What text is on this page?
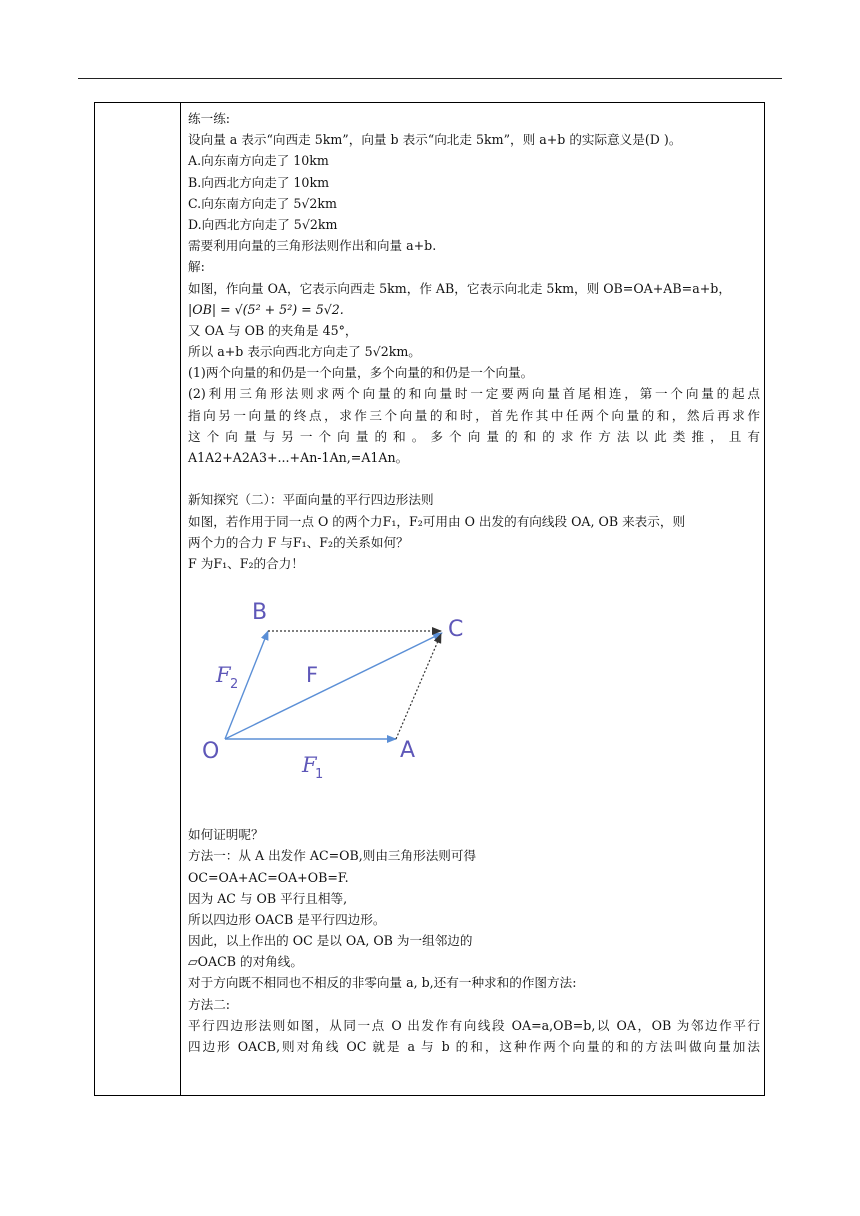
练一练:
设向量 a 表示“向西走 5km”，向量 b 表示“向北走 5km”，则 a+b 的实际意义是(D )。
A.向东南方向走了 10km
B.向西北方向走了 10km
C.向东南方向走了 5√2km
D.向西北方向走了 5√2km
需要利用向量的三角形法则作出和向量 a+b.
解:
如图，作向量 OA，它表示向西走 5km，作 AB，它表示向北走 5km，则 OB=OA+AB=a+b，
|OB| = √(5² + 5²) = 5√2.
又 OA 与 OB 的夹角是 45°，
所以 a+b 表示向西北方向走了 5√2km。
(1)两个向量的和仍是一个向量，多个向量的和仍是一个向量。
(2)利用三角形法则求两个向量的和向量时一定要两向量首尾相连，第一个向量的起点
指向另一向量的终点，求作三个向量的和时，首先作其中任两个向量的和，然后再求作
这个向量与另一个向量的和。多个向量的和的求作方法以此类推，且有
A1A2+A2A3+...+An-1An,=A1An。
新知探究（二）：平面向量的平行四边形法则
如图，若作用于同一点 O 的两个力F₁，F₂可用由 O 出发的有向线段 OA, OB 来表示，则
两个力的合力 F 与F₁、F₂的关系如何？
F 为F₁、F₂的合力！
O	A
B
C
F
F
1
F 2
如何证明呢？
方法一：从 A 出发作 AC=OB,则由三角形法则可得
OC=OA+AC=OA+OB=F.
因为 AC 与 OB 平行且相等,
所以四边形 OACB 是平行四边形。
因此，以上作出的 OC 是以 OA, OB 为一组邻边的
▱OACB 的对角线。
对于方向既不相同也不相反的非零向量 a, b,还有一种求和的作图方法:
方法二:
平行四边形法则如图，从同一点 O 出发作有向线段 OA=a,OB=b,以 OA，OB 为邻边作平行
四边形 OACB,则对角线 OC 就是 a 与 b 的和，这种作两个向量的和的方法叫做向量加法
